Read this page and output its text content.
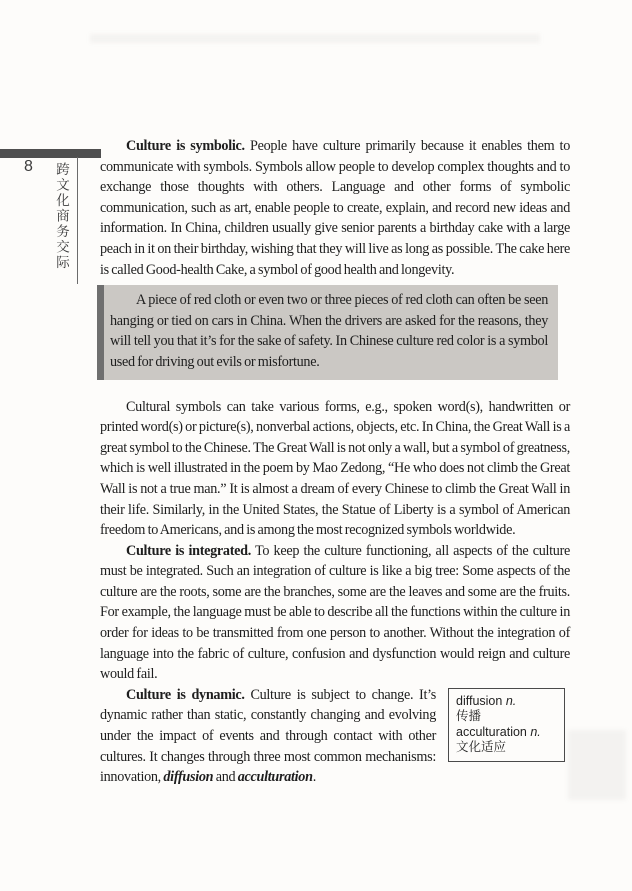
8 跨文化商务交际

Culture is symbolic. People have culture primarily because it enables them to communicate with symbols. Symbols allow people to develop complex thoughts and to exchange those thoughts with others. Language and other forms of symbolic communication, such as art, enable people to create, explain, and record new ideas and information. In China, children usually give senior parents a birthday cake with a large peach in it on their birthday, wishing that they will live as long as possible. The cake here is called Good-health Cake, a symbol of good health and longevity.

A piece of red cloth or even two or three pieces of red cloth can often be seen hanging or tied on cars in China. When the drivers are asked for the reasons, they will tell you that it’s for the sake of safety. In Chinese culture red color is a symbol used for driving out evils or misfortune.

Cultural symbols can take various forms, e.g., spoken word(s), handwritten or printed word(s) or picture(s), nonverbal actions, objects, etc. In China, the Great Wall is a great symbol to the Chinese. The Great Wall is not only a wall, but a symbol of greatness, which is well illustrated in the poem by Mao Zedong, “He who does not climb the Great Wall is not a true man.” It is almost a dream of every Chinese to climb the Great Wall in their life. Similarly, in the United States, the Statue of Liberty is a symbol of American freedom to Americans, and is among the most recognized symbols worldwide.

Culture is integrated. To keep the culture functioning, all aspects of the culture must be integrated. Such an integration of culture is like a big tree: Some aspects of the culture are the roots, some are the branches, some are the leaves and some are the fruits. For example, the language must be able to describe all the functions within the culture in order for ideas to be transmitted from one person to another. Without the integration of language into the fabric of culture, confusion and dysfunction would reign and culture would fail.

diffusion n.
传播
acculturation n.
文化适应
Culture is dynamic. Culture is subject to change. It’s dynamic rather than static, constantly changing and evolving under the impact of events and through contact with other cultures. It changes through three most common mechanisms: innovation, diffusion and acculturation.
